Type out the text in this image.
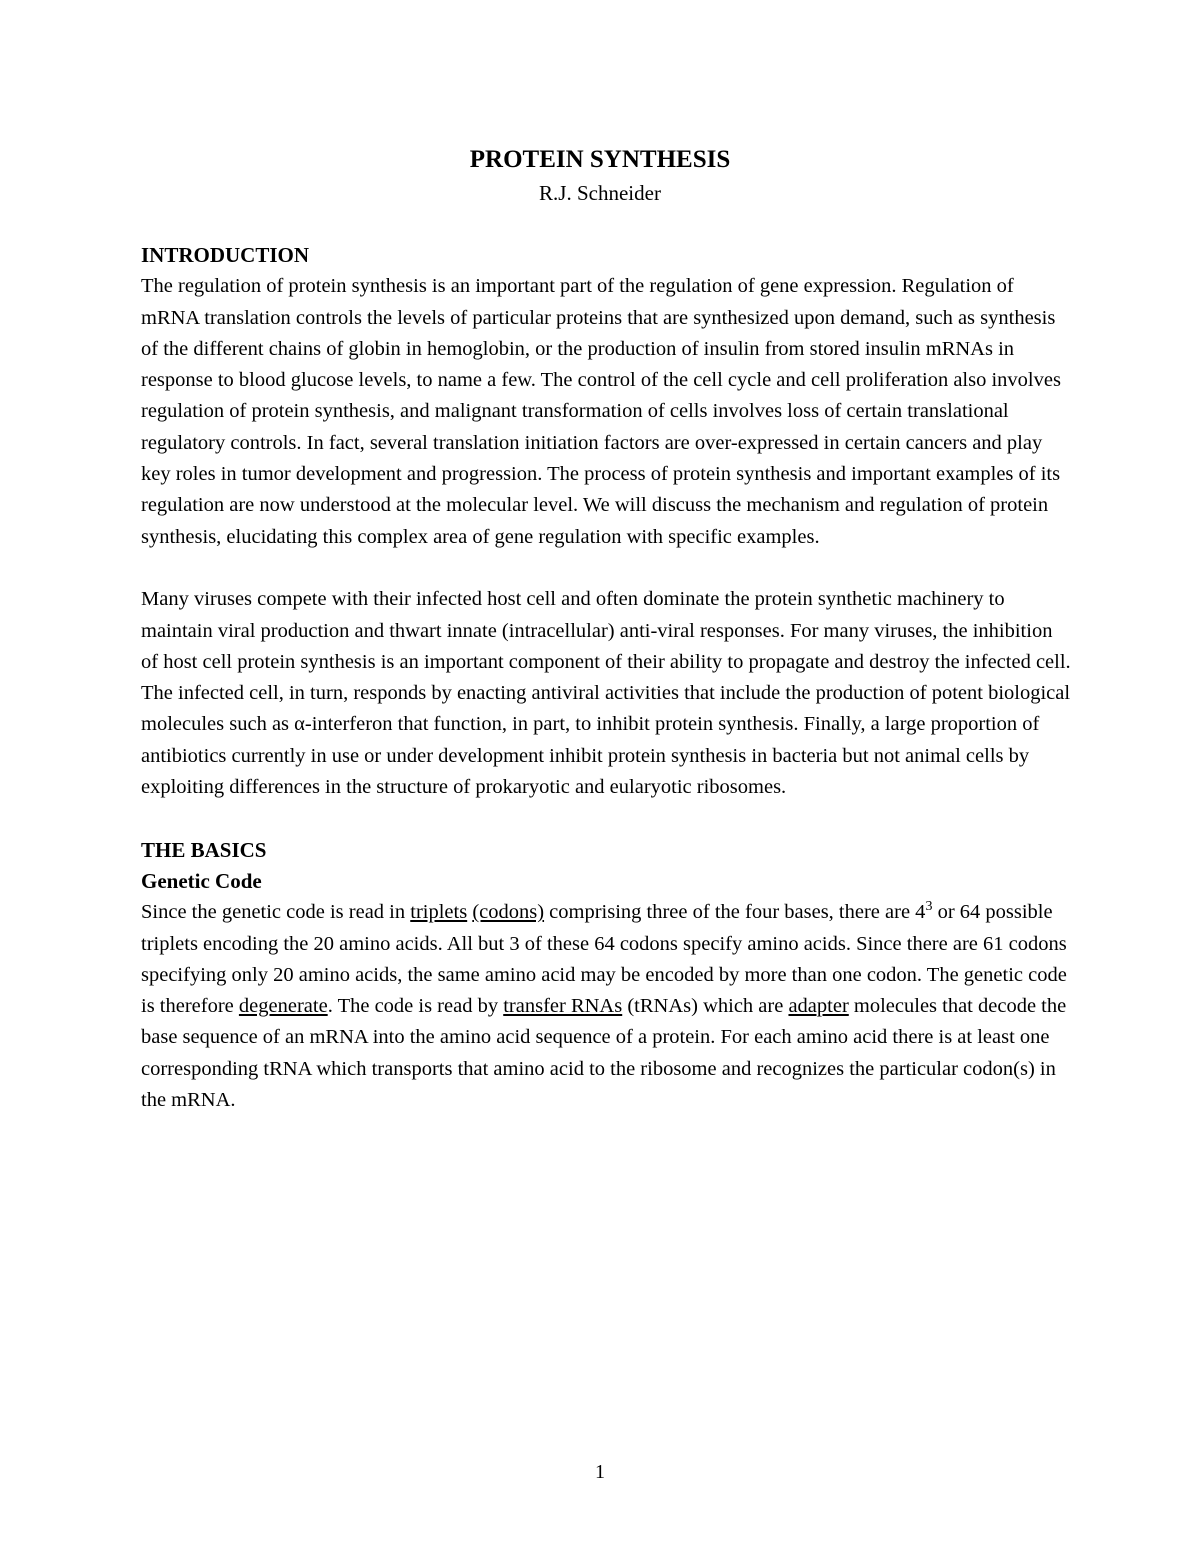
PROTEIN SYNTHESIS
R.J. Schneider
INTRODUCTION

The regulation of protein synthesis is an important part of the regulation of gene expression. Regulation of mRNA translation controls the levels of particular proteins that are synthesized upon demand, such as synthesis of the different chains of globin in hemoglobin, or the production of insulin from stored insulin mRNAs in response to blood glucose levels, to name a few. The control of the cell cycle and cell proliferation also involves regulation of protein synthesis, and malignant transformation of cells involves loss of certain translational regulatory controls. In fact, several translation initiation factors are over-expressed in certain cancers and play key roles in tumor development and progression. The process of protein synthesis and important examples of its regulation are now understood at the molecular level. We will discuss the mechanism and regulation of protein synthesis, elucidating this complex area of gene regulation with specific examples.

Many viruses compete with their infected host cell and often dominate the protein synthetic machinery to maintain viral production and thwart innate (intracellular) anti-viral responses. For many viruses, the inhibition of host cell protein synthesis is an important component of their ability to propagate and destroy the infected cell. The infected cell, in turn, responds by enacting antiviral activities that include the production of potent biological molecules such as α-interferon that function, in part, to inhibit protein synthesis. Finally, a large proportion of antibiotics currently in use or under development inhibit protein synthesis in bacteria but not animal cells by exploiting differences in the structure of prokaryotic and eularyotic ribosomes.

THE BASICS
Genetic Code

Since the genetic code is read in triplets (codons) comprising three of the four bases, there are $4^3$ or 64 possible triplets encoding the 20 amino acids. All but 3 of these 64 codons specify amino acids. Since there are 61 codons specifying only 20 amino acids, the same amino acid may be encoded by more than one codon. The genetic code is therefore degenerate. The code is read by transfer RNAs (tRNAs) which are adapter molecules that decode the base sequence of an mRNA into the amino acid sequence of a protein. For each amino acid there is at least one corresponding tRNA which transports that amino acid to the ribosome and recognizes the particular codon(s) in the mRNA.

1
